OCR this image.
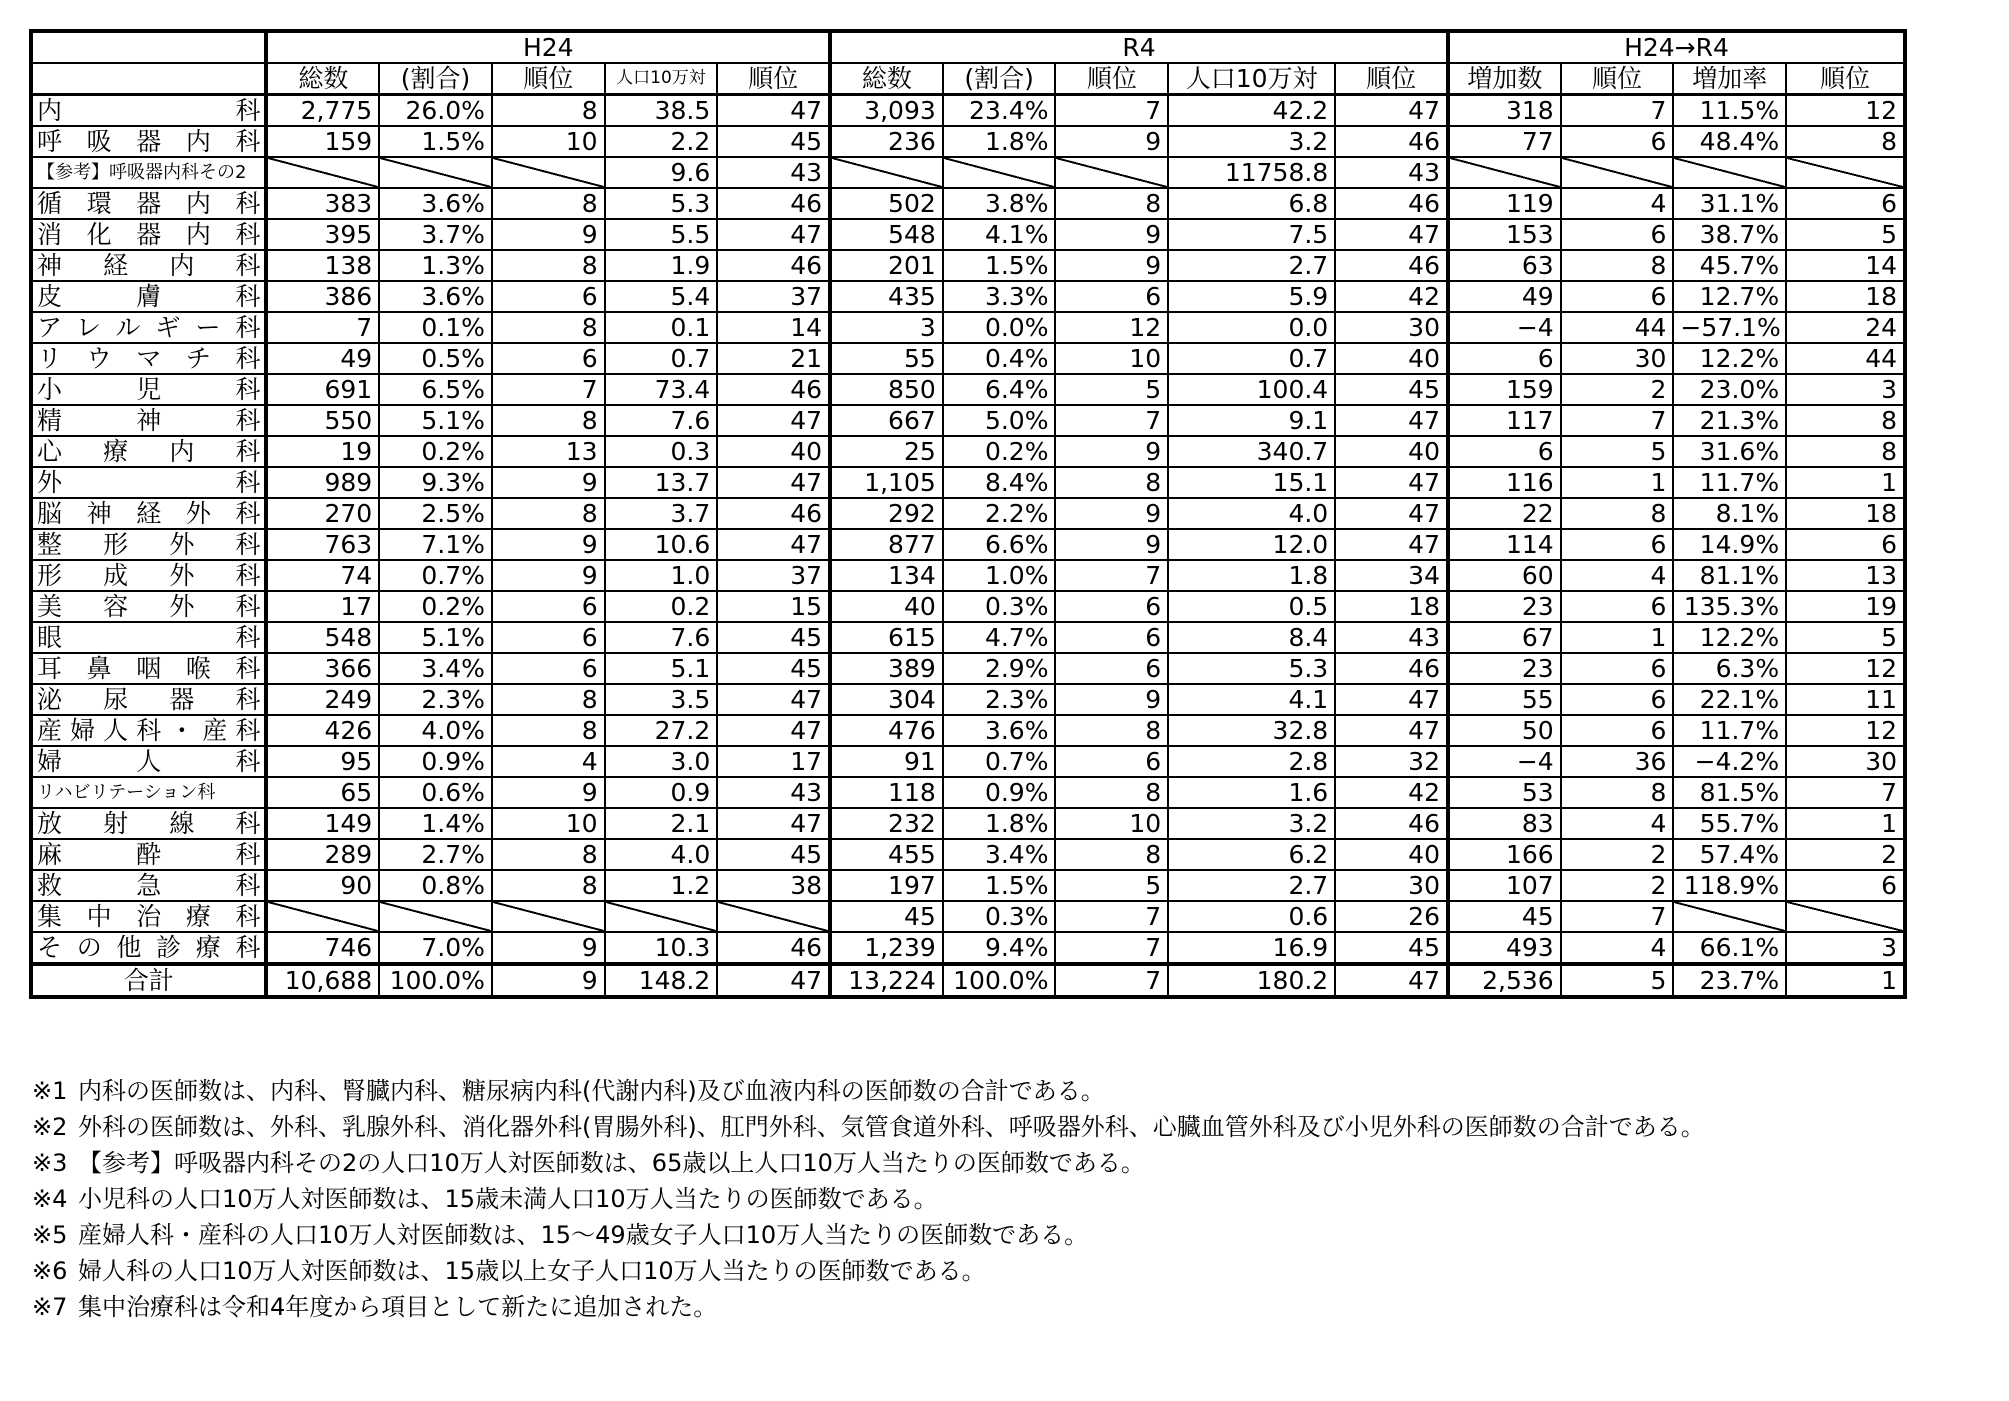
	H24					R4					H24→R4			
	総数	(割合)	順位	人口10万対	順位	総数	(割合)	順位	人口10万対	順位	増加数	順位	増加率	順位
内科	2,775	26.0%	8	38.5	47	3,093	23.4%	7	42.2	47	318	7	11.5%	12
呼吸器内科	159	1.5%	10	2.2	45	236	1.8%	9	3.2	46	77	6	48.4%	8
【参考】呼吸器内科その2				9.6	43				11758.8	43				
循環器内科	383	3.6%	8	5.3	46	502	3.8%	8	6.8	46	119	4	31.1%	6
消化器内科	395	3.7%	9	5.5	47	548	4.1%	9	7.5	47	153	6	38.7%	5
神経内科	138	1.3%	8	1.9	46	201	1.5%	9	2.7	46	63	8	45.7%	14
皮膚科	386	3.6%	6	5.4	37	435	3.3%	6	5.9	42	49	6	12.7%	18
アレルギー科	7	0.1%	8	0.1	14	3	0.0%	12	0.0	30	−4	44	−57.1%	24
リウマチ科	49	0.5%	6	0.7	21	55	0.4%	10	0.7	40	6	30	12.2%	44
小児科	691	6.5%	7	73.4	46	850	6.4%	5	100.4	45	159	2	23.0%	3
精神科	550	5.1%	8	7.6	47	667	5.0%	7	9.1	47	117	7	21.3%	8
心療内科	19	0.2%	13	0.3	40	25	0.2%	9	340.7	40	6	5	31.6%	8
外科	989	9.3%	9	13.7	47	1,105	8.4%	8	15.1	47	116	1	11.7%	1
脳神経外科	270	2.5%	8	3.7	46	292	2.2%	9	4.0	47	22	8	8.1%	18
整形外科	763	7.1%	9	10.6	47	877	6.6%	9	12.0	47	114	6	14.9%	6
形成外科	74	0.7%	9	1.0	37	134	1.0%	7	1.8	34	60	4	81.1%	13
美容外科	17	0.2%	6	0.2	15	40	0.3%	6	0.5	18	23	6	135.3%	19
眼科	548	5.1%	6	7.6	45	615	4.7%	6	8.4	43	67	1	12.2%	5
耳鼻咽喉科	366	3.4%	6	5.1	45	389	2.9%	6	5.3	46	23	6	6.3%	12
泌尿器科	249	2.3%	8	3.5	47	304	2.3%	9	4.1	47	55	6	22.1%	11
産婦人科・産科	426	4.0%	8	27.2	47	476	3.6%	8	32.8	47	50	6	11.7%	12
婦人科	95	0.9%	4	3.0	17	91	0.7%	6	2.8	32	−4	36	−4.2%	30
リハビリテーション科	65	0.6%	9	0.9	43	118	0.9%	8	1.6	42	53	8	81.5%	7
放射線科	149	1.4%	10	2.1	47	232	1.8%	10	3.2	46	83	4	55.7%	1
麻酔科	289	2.7%	8	4.0	45	455	3.4%	8	6.2	40	166	2	57.4%	2
救急科	90	0.8%	8	1.2	38	197	1.5%	5	2.7	30	107	2	118.9%	6
集中治療科						45	0.3%	7	0.6	26	45	7		
その他診療科	746	7.0%	9	10.3	46	1,239	9.4%	7	16.9	45	493	4	66.1%	3
合計	10,688	100.0%	9	148.2	47	13,224	100.0%	7	180.2	47	2,536	5	23.7%	1
※1 内科の医師数は、内科、腎臓内科、糖尿病内科(代謝内科)及び血液内科の医師数の合計である。
※2 外科の医師数は、外科、乳腺外科、消化器外科(胃腸外科)、肛門外科、気管食道外科、呼吸器外科、心臓血管外科及び小児外科の医師数の合計である。
※3 【参考】呼吸器内科その2の人口10万人対医師数は、65歳以上人口10万人当たりの医師数である。
※4 小児科の人口10万人対医師数は、15歳未満人口10万人当たりの医師数である。
※5 産婦人科・産科の人口10万人対医師数は、15～49歳女子人口10万人当たりの医師数である。
※6 婦人科の人口10万人対医師数は、15歳以上女子人口10万人当たりの医師数である。
※7 集中治療科は令和4年度から項目として新たに追加された。
